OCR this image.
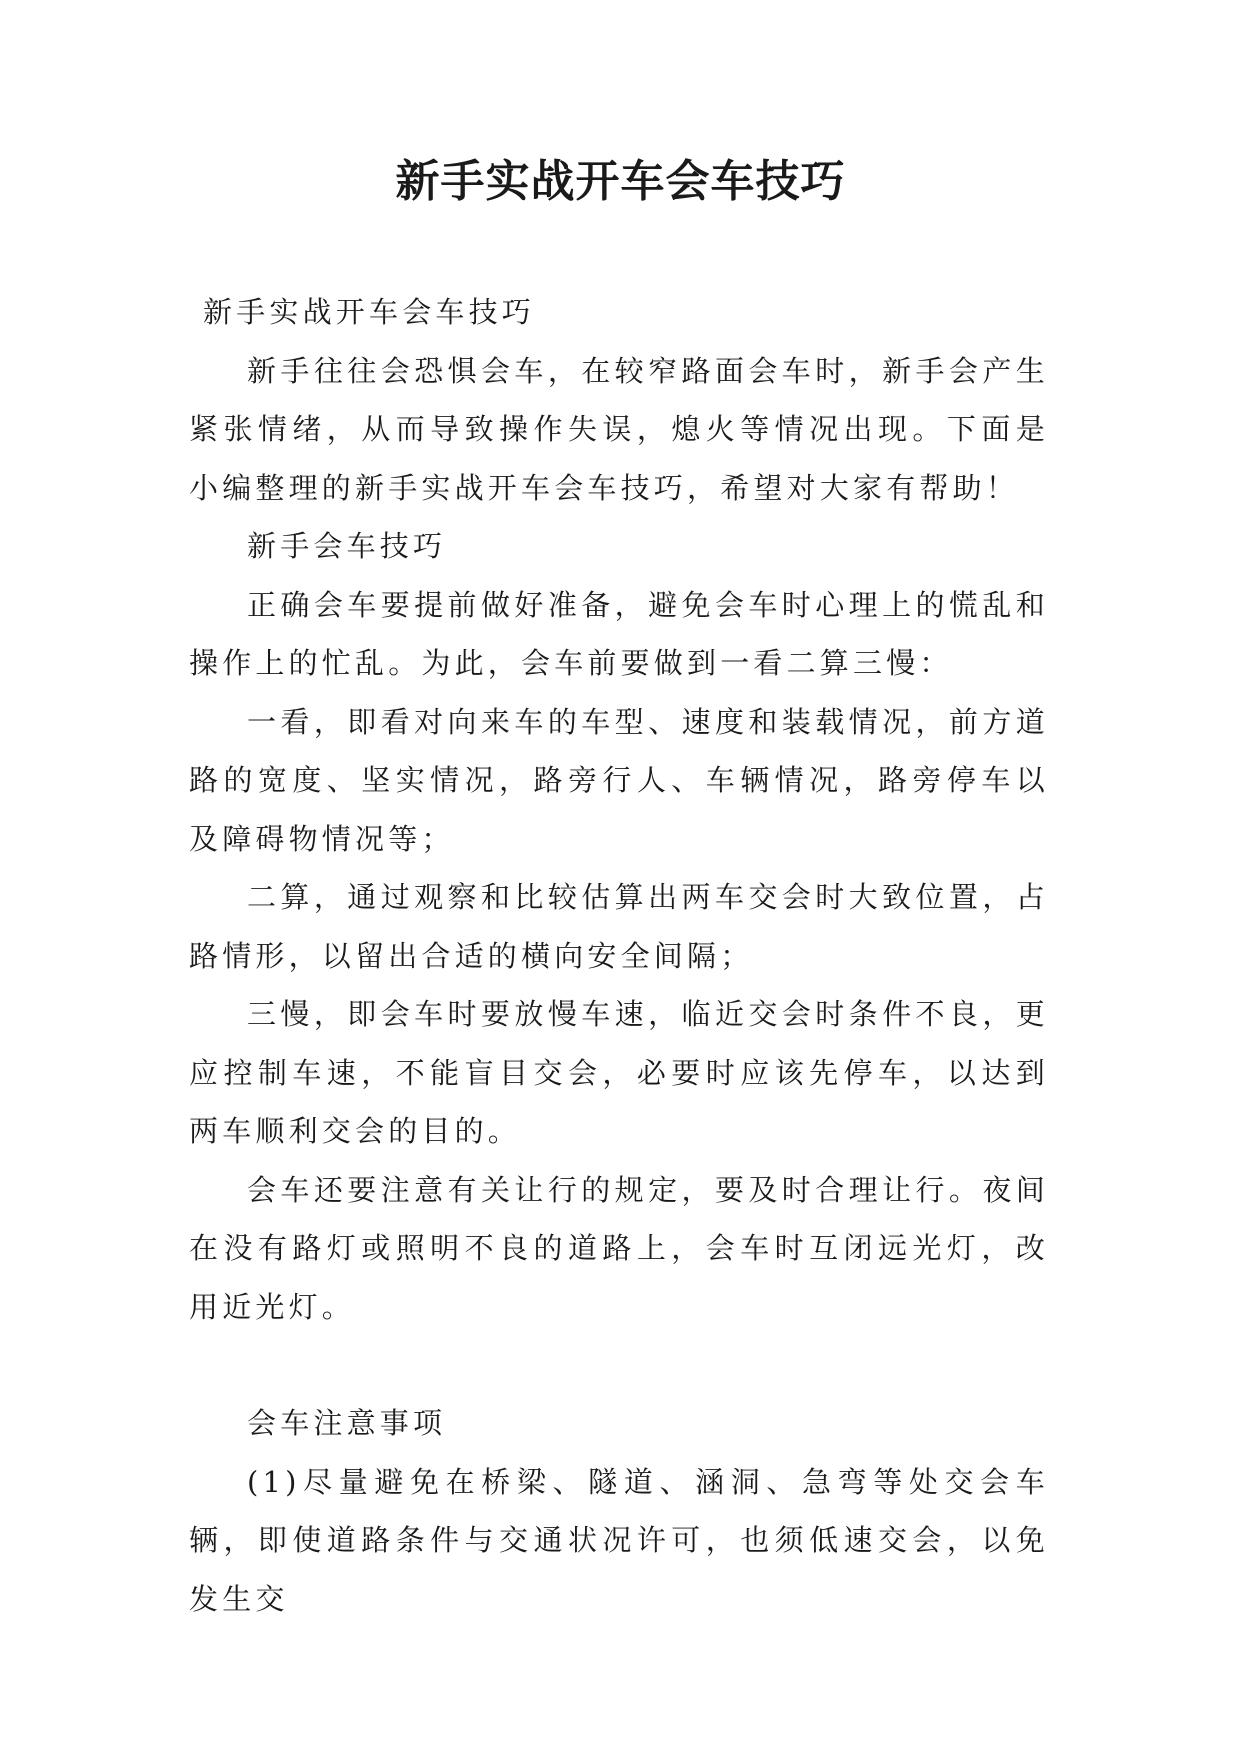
新手实战开车会车技巧

新手实战开车会车技巧

新手往往会恐惧会车，在较窄路面会车时，新手会产生紧张情绪，从而导致操作失误，熄火等情况出现。下面是小编整理的新手实战开车会车技巧，希望对大家有帮助！

新手会车技巧

正确会车要提前做好准备，避免会车时心理上的慌乱和操作上的忙乱。为此，会车前要做到一看二算三慢：

一看，即看对向来车的车型、速度和装载情况，前方道路的宽度、坚实情况，路旁行人、车辆情况，路旁停车以及障碍物情况等；

二算，通过观察和比较估算出两车交会时大致位置，占路情形，以留出合适的横向安全间隔；

三慢，即会车时要放慢车速，临近交会时条件不良，更应控制车速，不能盲目交会，必要时应该先停车，以达到两车顺利交会的目的。

会车还要注意有关让行的规定，要及时合理让行。夜间在没有路灯或照明不良的道路上，会车时互闭远光灯，改用近光灯。

会车注意事项

(1)尽量避免在桥梁、隧道、涵洞、急弯等处交会车辆，即使道路条件与交通状况许可，也须低速交会，以免发生交
